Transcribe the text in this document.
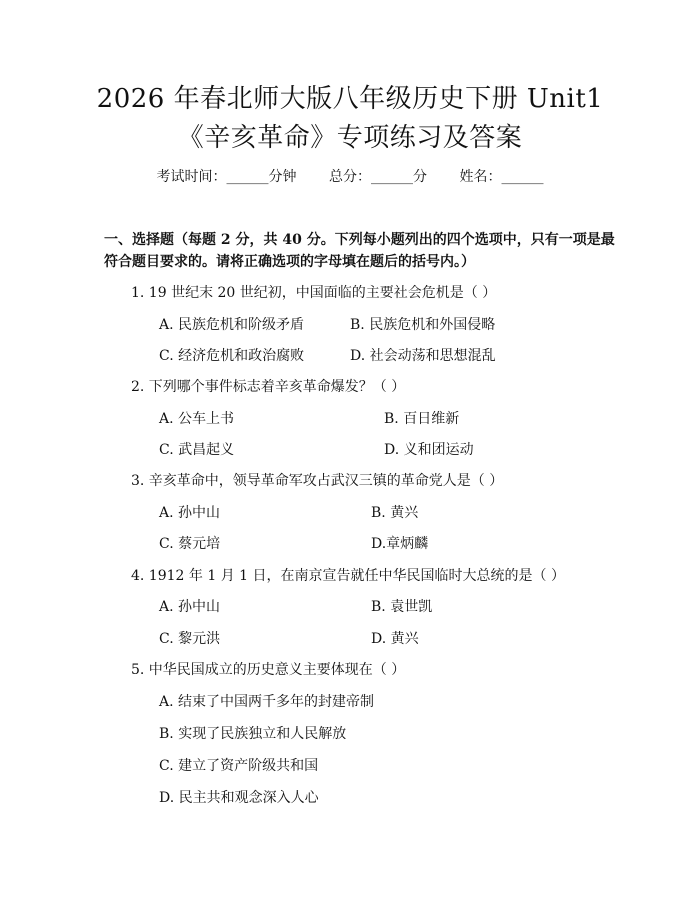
2026 年春北师大版八年级历史下册 Unit1
《辛亥革命》专项练习及答案
考试时间：______分钟 总分：______分 姓名：______
一、选择题（每题 2 分，共 40 分。下列每小题列出的四个选项中，只有一项是最
符合题目要求的。请将正确选项的字母填在题后的括号内。）
1. 19 世纪末 20 世纪初，中国面临的主要社会危机是（ ）
A. 民族危机和阶级矛盾	B. 民族危机和外国侵略
C. 经济危机和政治腐败	D. 社会动荡和思想混乱
2. 下列哪个事件标志着辛亥革命爆发？（ ）
A. 公车上书	B. 百日维新
C. 武昌起义	D. 义和团运动
3. 辛亥革命中，领导革命军攻占武汉三镇的革命党人是（ ）
A. 孙中山	B. 黄兴
C. 蔡元培	D.章炳麟
4. 1912 年 1 月 1 日，在南京宣告就任中华民国临时大总统的是（ ）
A. 孙中山	B. 袁世凯
C. 黎元洪	D. 黄兴
5. 中华民国成立的历史意义主要体现在（ ）
A. 结束了中国两千多年的封建帝制
B. 实现了民族独立和人民解放
C. 建立了资产阶级共和国
D. 民主共和观念深入人心
